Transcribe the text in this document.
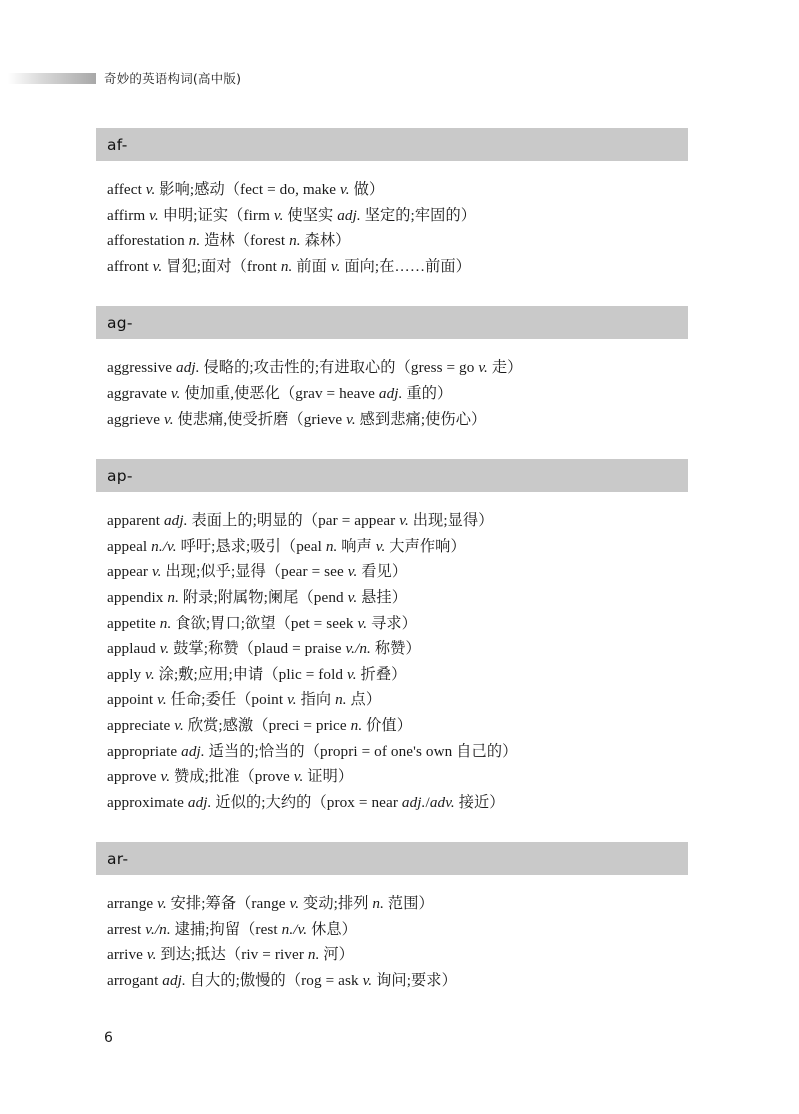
奇妙的英语构词(高中版)
af-
affect v. 影响;感动（fect = do, make v. 做）
affirm v. 申明;证实（firm v. 使坚实 adj. 坚定的;牢固的）
afforestation n. 造林（forest n. 森林）
affront v. 冒犯;面对（front n. 前面 v. 面向;在……前面）
ag-
aggressive adj. 侵略的;攻击性的;有进取心的（gress = go v. 走）
aggravate v. 使加重,使恶化（grav = heave adj. 重的）
aggrieve v. 使悲痛,使受折磨（grieve v. 感到悲痛;使伤心）
ap-
apparent adj. 表面上的;明显的（par = appear v. 出现;显得）
appeal n./v. 呼吁;恳求;吸引（peal n. 响声 v. 大声作响）
appear v. 出现;似乎;显得（pear = see v. 看见）
appendix n. 附录;附属物;阑尾（pend v. 悬挂）
appetite n. 食欲;胃口;欲望（pet = seek v. 寻求）
applaud v. 鼓掌;称赞（plaud = praise v./n. 称赞）
apply v. 涂;敷;应用;申请（plic = fold v. 折叠）
appoint v. 任命;委任（point v. 指向 n. 点）
appreciate v. 欣赏;感激（preci = price n. 价值）
appropriate adj. 适当的;恰当的（propri = of one's own 自己的）
approve v. 赞成;批准（prove v. 证明）
approximate adj. 近似的;大约的（prox = near adj./adv. 接近）
ar-
arrange v. 安排;筹备（range v. 变动;排列 n. 范围）
arrest v./n. 逮捕;拘留（rest n./v. 休息）
arrive v. 到达;抵达（riv = river n. 河）
arrogant adj. 自大的;傲慢的（rog = ask v. 询问;要求）
6
